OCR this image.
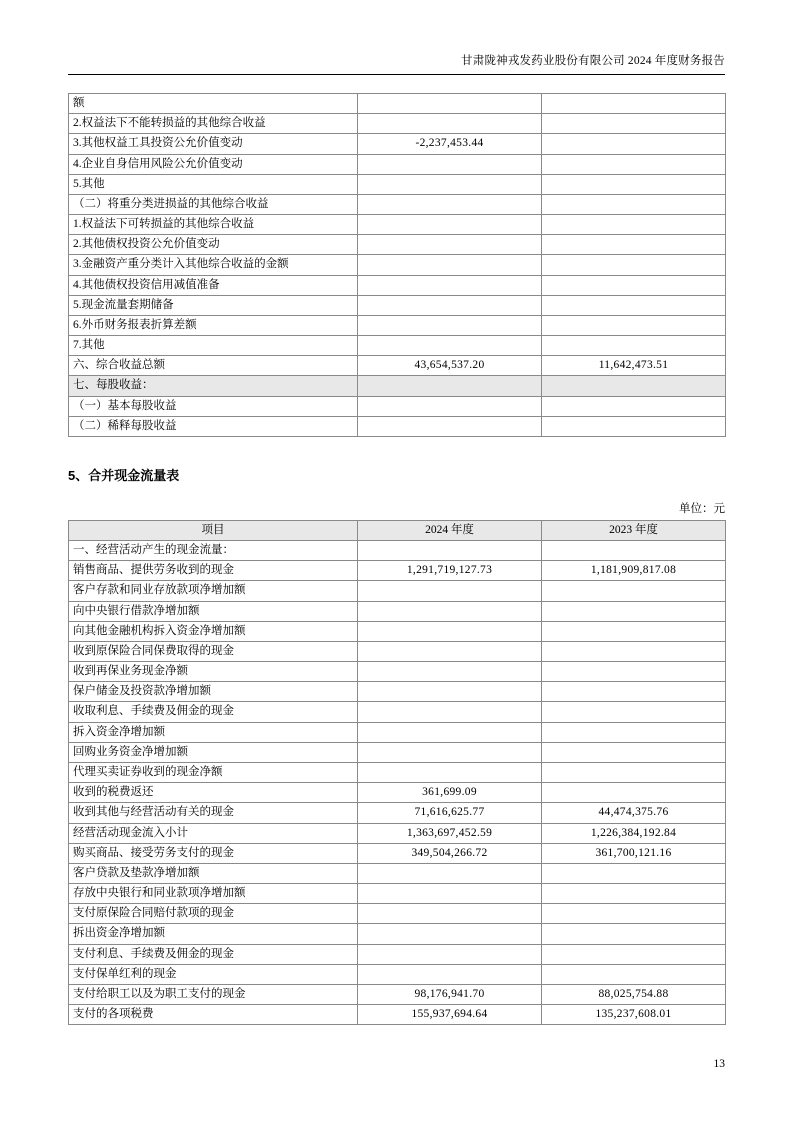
甘肃陇神戎发药业股份有限公司 2024 年度财务报告
额		
2.权益法下不能转损益的其他综合收益		
3.其他权益工具投资公允价值变动	-2,237,453.44	
4.企业自身信用风险公允价值变动		
5.其他		
（二）将重分类进损益的其他综合收益		
1.权益法下可转损益的其他综合收益		
2.其他债权投资公允价值变动		
3.金融资产重分类计入其他综合收益的金额		
4.其他债权投资信用减值准备		
5.现金流量套期储备		
6.外币财务报表折算差额		
7.其他		
六、综合收益总额	43,654,537.20	11,642,473.51
七、每股收益：		
（一）基本每股收益		
（二）稀释每股收益		
5、合并现金流量表
单位：元
项目	2024 年度	2023 年度
一、经营活动产生的现金流量：		
销售商品、提供劳务收到的现金	1,291,719,127.73	1,181,909,817.08
客户存款和同业存放款项净增加额		
向中央银行借款净增加额		
向其他金融机构拆入资金净增加额		
收到原保险合同保费取得的现金		
收到再保业务现金净额		
保户储金及投资款净增加额		
收取利息、手续费及佣金的现金		
拆入资金净增加额		
回购业务资金净增加额		
代理买卖证券收到的现金净额		
收到的税费返还	361,699.09	
收到其他与经营活动有关的现金	71,616,625.77	44,474,375.76
经营活动现金流入小计	1,363,697,452.59	1,226,384,192.84
购买商品、接受劳务支付的现金	349,504,266.72	361,700,121.16
客户贷款及垫款净增加额		
存放中央银行和同业款项净增加额		
支付原保险合同赔付款项的现金		
拆出资金净增加额		
支付利息、手续费及佣金的现金		
支付保单红利的现金		
支付给职工以及为职工支付的现金	98,176,941.70	88,025,754.88
支付的各项税费	155,937,694.64	135,237,608.01
13
